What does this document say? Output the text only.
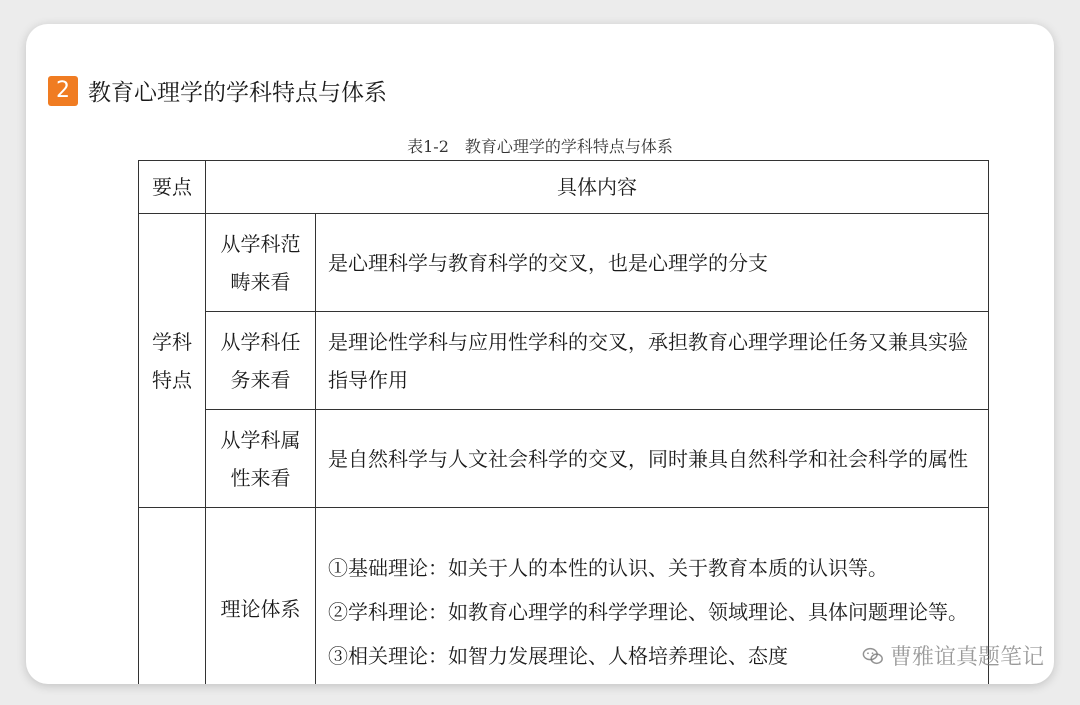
2 教育心理学的学科特点与体系
表1-2　教育心理学的学科特点与体系
要点	具体内容	

学科特点	从学科范畴来看	是心理科学与教育科学的交叉，也是心理学的分支

	从学科任务来看	是理论性学科与应用性学科的交叉，承担教育心理学理论任务又兼具实验指导作用

	从学科属性来看	是自然科学与人文社会科学的交叉，同时兼具自然科学和社会科学的属性
	理论体系	①基础理论：如关于人的本性的认识、关于教育本质的认识等。
②学科理论：如教育心理学的科学学理论、领域理论、具体问题理论等。
③相关理论：如智力发展理论、人格培养理论、态度	曹雅谊真题笔记
